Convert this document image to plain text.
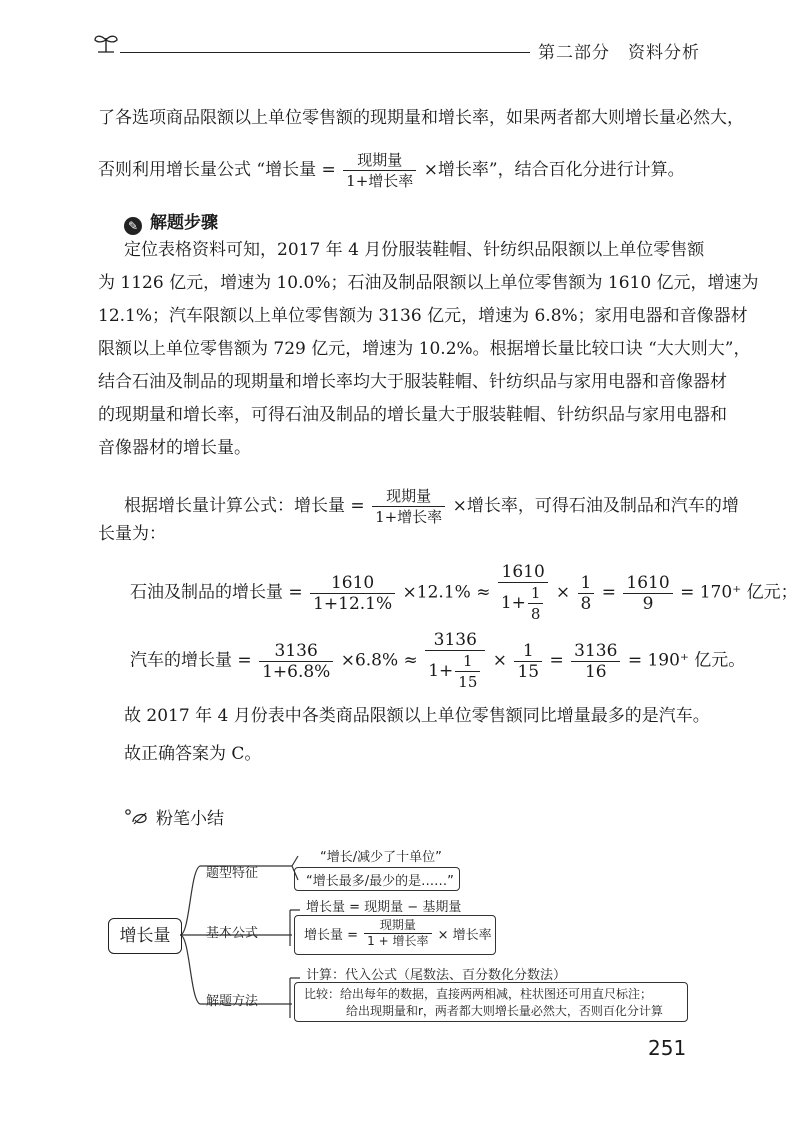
第二部分　资料分析
了各选项商品限额以上单位零售额的现期量和增长率，如果两者都大则增长量必然大，
否则利用增长量公式 “增长量 = $\frac{\text{现期量}}{\text{1+增长率}}$ ×增长率”，结合百化分进行计算。
✎ 解题步骤
定位表格资料可知，2017 年 4 月份服装鞋帽、针纺织品限额以上单位零售额
为 1126 亿元，增速为 10.0%；石油及制品限额以上单位零售额为 1610 亿元，增速为
12.1%；汽车限额以上单位零售额为 3136 亿元，增速为 6.8%；家用电器和音像器材
限额以上单位零售额为 729 亿元，增速为 10.2%。根据增长量比较口诀 “大大则大”，
结合石油及制品的现期量和增长率均大于服装鞋帽、针纺织品与家用电器和音像器材
的现期量和增长率，可得石油及制品的增长量大于服装鞋帽、针纺织品与家用电器和
音像器材的增长量。
根据增长量计算公式：增长量 = $\frac{\text{现期量}}{\text{1+增长率}}$ ×增长率，可得石油及制品和汽车的增
长量为：
石油及制品的增长量 = $\frac{1610}{1+12.1\%} \times 12.1\% \approx \frac{1610}{1+ \frac{1}{8}} \times \frac{1}{8} = \frac{1610}{9} = 170^+$ 亿元；
汽车的增长量 = $\frac{3136}{1+6.8\%} \times 6.8\% \approx \frac{3136}{1+ \frac{1}{15}} \times \frac{1}{15} = \frac{3136}{16} = 190^+$ 亿元。
故 2017 年 4 月份表中各类商品限额以上单位零售额同比增量最多的是汽车。
故正确答案为 C。
粉笔小结
增长量
题型特征
“增长/减少了十单位”
“增长最多/最少的是……”
基本公式
增长量 = 现期量 − 基期量
增长量 = $\frac{\text{现期量}}{\text{1 + 增长率}}$ × 增长率
解题方法
计算：代入公式（尾数法、百分数化分数法）
比较：给出每年的数据，直接两两相减，柱状图还可用直尺标注；
给出现期量和r，两者都大则增长量必然大，否则百化分计算
251
